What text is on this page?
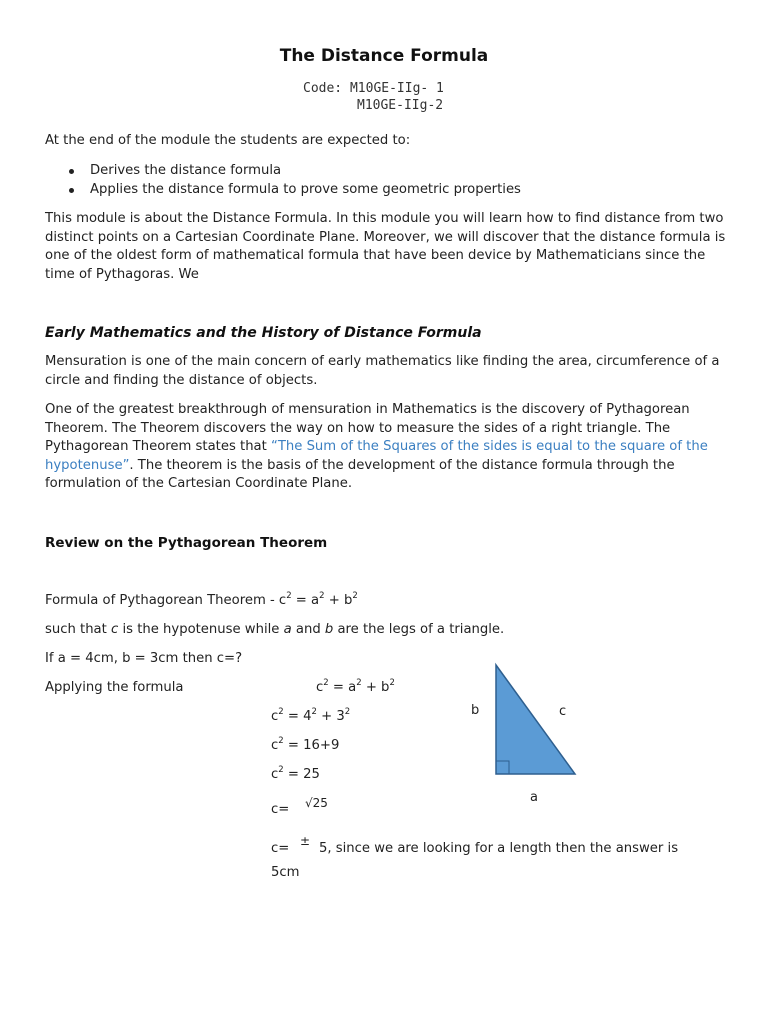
The Distance Formula
Code: M10GE-IIg- 1
M10GE-IIg-2
At the end of the module the students are expected to:
Derives the distance formula
Applies the distance formula to prove some geometric properties
This module is about the Distance Formula. In this module you will learn how to find distance from two distinct points on a Cartesian Coordinate Plane. Moreover, we will discover that the distance formula is one of the oldest form of mathematical formula that have been device by Mathematicians since the time of Pythagoras. We
Early Mathematics and the History of Distance Formula
Mensuration is one of the main concern of early mathematics like finding the area, circumference of a circle and finding the distance of objects.
One of the greatest breakthrough of mensuration in Mathematics is the discovery of Pythagorean Theorem. The Theorem discovers the way on how to measure the sides of a right triangle. The Pythagorean Theorem states that “The Sum of the Squares of the sides is equal to the square of the hypotenuse”. The theorem is the basis of the development of the distance formula through the formulation of the Cartesian Coordinate Plane.
Review on the Pythagorean Theorem
Formula of Pythagorean Theorem - $c^2 = a^2 + b^2$
such that c is the hypotenuse while a and b are the legs of a triangle.
If a = 4cm, b = 3cm then c=?
Applying the formula	$c^2 = a^2 + b^2$
$c^2 = 4^2 + 3^2$
$c^2 = 16+9$
$c^2 = 25$
c= √25
c= ± 5, since we are looking for a length then the answer is
5cm
b	c
a
